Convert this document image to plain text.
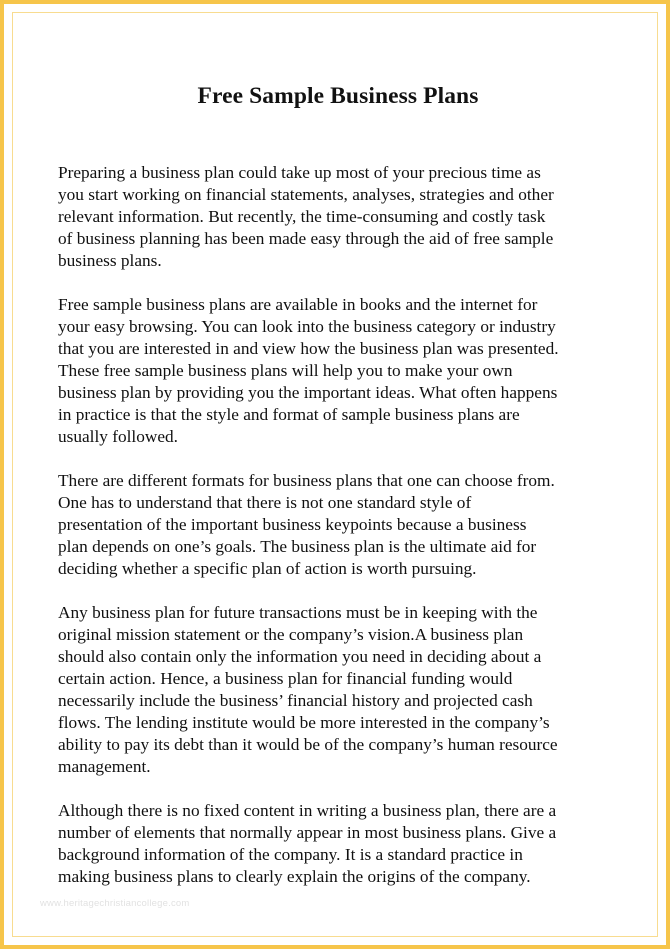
Free Sample Business Plans

Preparing a business plan could take up most of your precious time as
you start working on financial statements, analyses, strategies and other
relevant information. But recently, the time-consuming and costly task
of business planning has been made easy through the aid of free sample
business plans.

Free sample business plans are available in books and the internet for
your easy browsing. You can look into the business category or industry
that you are interested in and view how the business plan was presented.
These free sample business plans will help you to make your own
business plan by providing you the important ideas. What often happens
in practice is that the style and format of sample business plans are
usually followed.

There are different formats for business plans that one can choose from.
One has to understand that there is not one standard style of
presentation of the important business keypoints because a business
plan depends on one’s goals. The business plan is the ultimate aid for
deciding whether a specific plan of action is worth pursuing.

Any business plan for future transactions must be in keeping with the
original mission statement or the company’s vision.A business plan
should also contain only the information you need in deciding about a
certain action. Hence, a business plan for financial funding would
necessarily include the business’ financial history and projected cash
flows. The lending institute would be more interested in the company’s
ability to pay its debt than it would be of the company’s human resource
management.

Although there is no fixed content in writing a business plan, there are a
number of elements that normally appear in most business plans. Give a
background information of the company. It is a standard practice in
making business plans to clearly explain the origins of the company.

www.heritagechristiancollege.com
